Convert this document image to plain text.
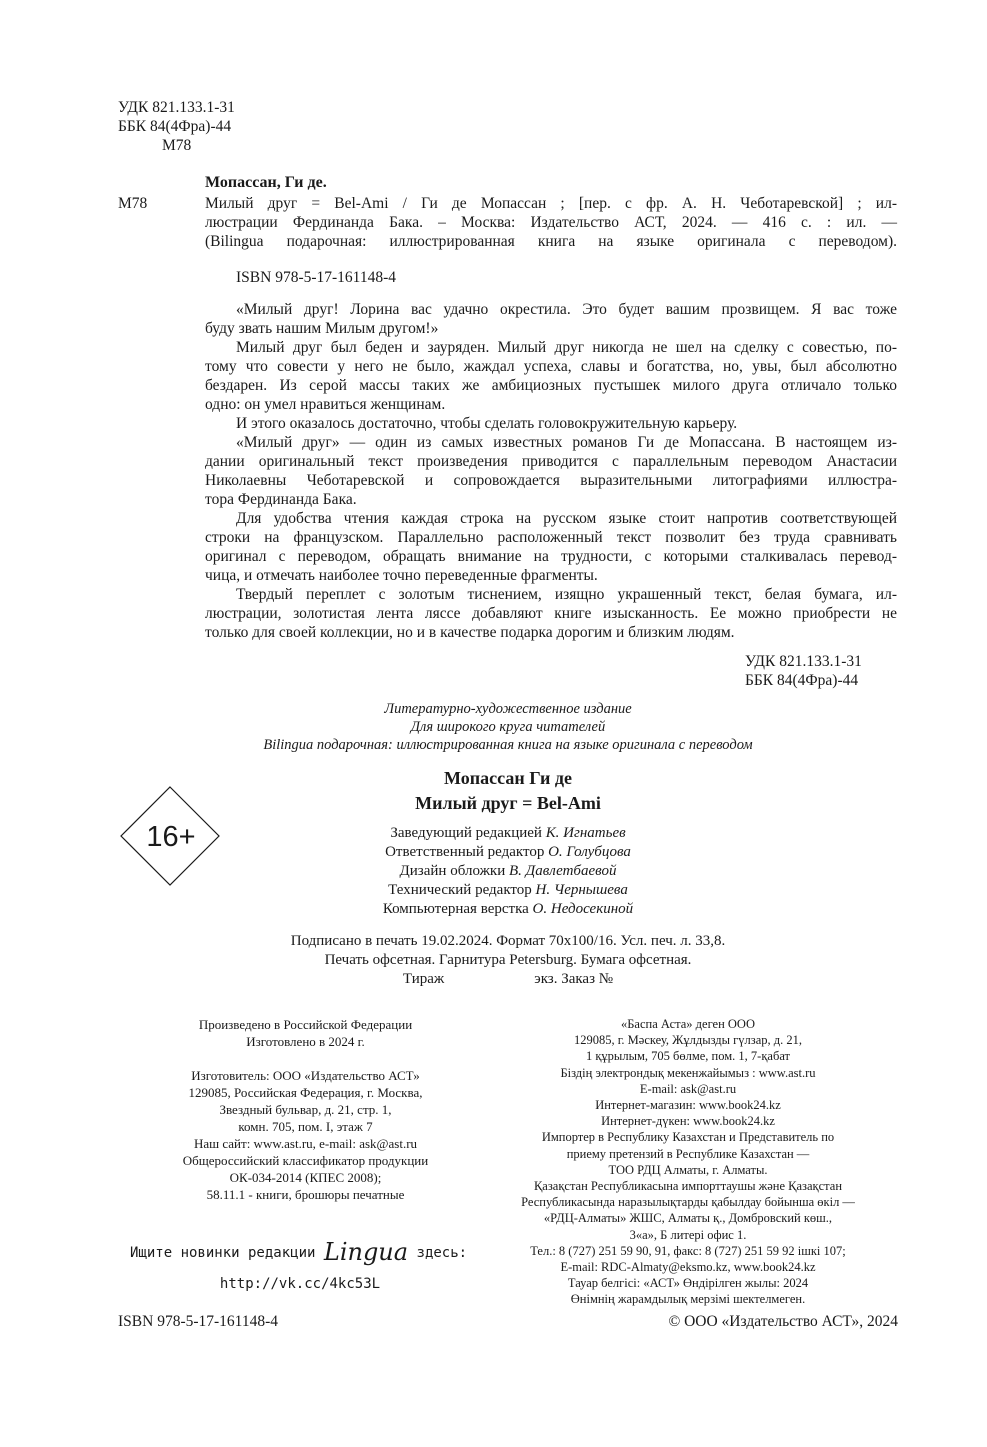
УДК 821.133.1-31
ББК 84(4Фра)-44
М78
Мопассан, Ги де.
М78	Милый друг = Bel-Ami / Ги де Мопассан ; [пер. с фр. А. Н. Чеботаревской] ; ил-
люстрации Фердинанда Бака. – Москва: Издательство АСТ, 2024. — 416 с. : ил. —
(Bilingua подарочная: иллюстрированная книга на языке оригинала с переводом).
ISBN 978-5-17-161148-4
«Милый друг! Лорина вас удачно окрестила. Это будет вашим прозвищем. Я вас тоже
буду звать нашим Милым другом!»
Милый друг был беден и зауряден. Милый друг никогда не шел на сделку с совестью, по-
тому что совести у него не было, жаждал успеха, славы и богатства, но, увы, был абсолютно
бездарен. Из серой массы таких же амбициозных пустышек милого друга отличало только
одно: он умел нравиться женщинам.
И этого оказалось достаточно, чтобы сделать головокружительную карьеру.
«Милый друг» — один из самых известных романов Ги де Мопассана. В настоящем из-
дании оригинальный текст произведения приводится с параллельным переводом Анастасии
Николаевны Чеботаревской и сопровождается выразительными литографиями иллюстра-
тора Фердинанда Бака.
Для удобства чтения каждая строка на русском языке стоит напротив соответствующей
строки на французском. Параллельно расположенный текст позволит без труда сравнивать
оригинал с переводом, обращать внимание на трудности, с которыми сталкивалась перевод-
чица, и отмечать наиболее точно переведенные фрагменты.
Твердый переплет с золотым тиснением, изящно украшенный текст, белая бумага, ил-
люстрации, золотистая лента ляссе добавляют книге изысканность. Ее можно приобрести не
только для своей коллекции, но и в качестве подарка дорогим и близким людям.
УДК 821.133.1-31
ББК 84(4Фра)-44
Литературно-художественное издание
Для широкого круга читателей
Bilingua подарочная: иллюстрированная книга на языке оригинала с переводом
Мопассан Ги де
Милый друг = Bel-Ami
16+	Заведующий редакцией К. Игнатьев
Ответственный редактор О. Голубцова
Дизайн обложки В. Давлетбаевой
Технический редактор Н. Чернышева
Компьютерная верстка О. Недосекиной
Подписано в печать 19.02.2024. Формат 70x100/16. Усл. печ. л. 33,8.
Печать офсетная. Гарнитура Petersburg. Бумага офсетная.
Тираж	экз. Заказ №
Произведено в Российской Федерации
Изготовлено в 2024 г.

Изготовитель: ООО «Издательство АСТ»
129085, Российская Федерация, г. Москва,
Звездный бульвар, д. 21, стр. 1,
комн. 705, пом. I, этаж 7
Наш сайт: www.ast.ru, e-mail: ask@ast.ru
Общероссийский классификатор продукции
ОК-034-2014 (КПЕС 2008);
58.11.1 - книги, брошюры печатные
«Баспа Аста» деген ООО
129085, г. Мәскеу, Жұлдызды гүлзар, д. 21,
1 құрылым, 705 бөлме, пом. 1, 7-қабат
Біздің электрондық мекенжайымыз : www.ast.ru
E-mail: ask@ast.ru
Интернет-магазин: www.book24.kz
Интернет-дүкен: www.book24.kz
Импортер в Республику Казахстан и Представитель по
приему претензий в Республике Казахстан —
ТОО РДЦ Алматы, г. Алматы.
Қазақстан Республикасына импорттаушы және Қазақстан
Республикасында наразылықтарды қабылдау бойынша өкіл —
«РДЦ-Алматы» ЖШС, Алматы қ., Домбровский көш.,
3«а», Б литері офис 1.
Тел.: 8 (727) 251 59 90, 91, факс: 8 (727) 251 59 92 ішкі 107;
E-mail: RDC-Almaty@eksmo.kz, www.book24.kz
Тауар белгісі: «АСТ» Өндірілген жылы: 2024
Өнімнің жарамдылық мерзімі шектелмеген.
Ищите новинки редакции Lingua здесь:
http://vk.cc/4kc53L
ISBN 978-5-17-161148-4	© ООО «Издательство АСТ», 2024
